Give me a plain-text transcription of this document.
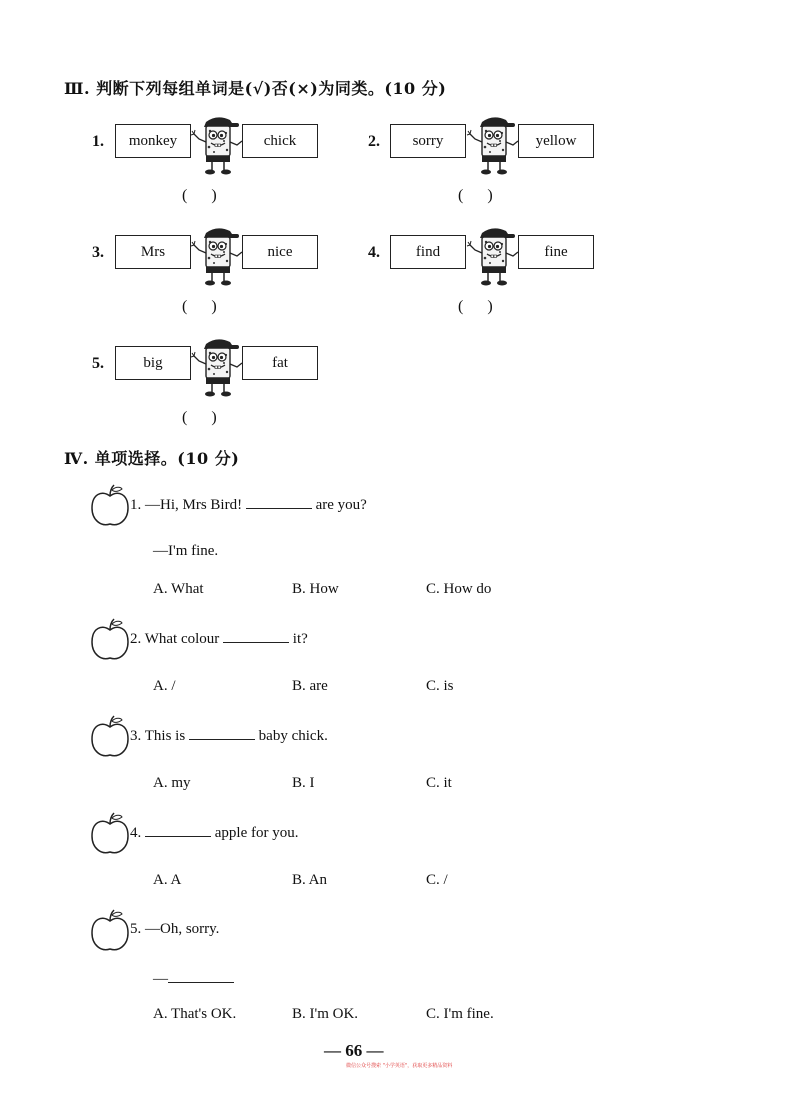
Ⅲ. 判断下列每组单词是(√)否(×)为同类。(10 分)
1.	monkey	chick
(      )
2.	sorry	yellow
(      )
3.	Mrs	nice
(      )
4.	find	fine
(      )
5.	big	fat
(      )
Ⅳ. 单项选择。(10 分)
1. —Hi, Mrs Bird!	are you?
—I'm fine.
A. What	B. How	C. How do
2. What colour	it?
A. /	B. are	C. is
3. This is	baby chick.
A. my	B. I	C. it
4.	apple for you.
A. A	B. An	C. /
5. —Oh, sorry.
—
A. That's OK.	B. I'm OK.	C. I'm fine.
— 66 —
微信公众号搜索 "小学英语"，获取更多精品资料
